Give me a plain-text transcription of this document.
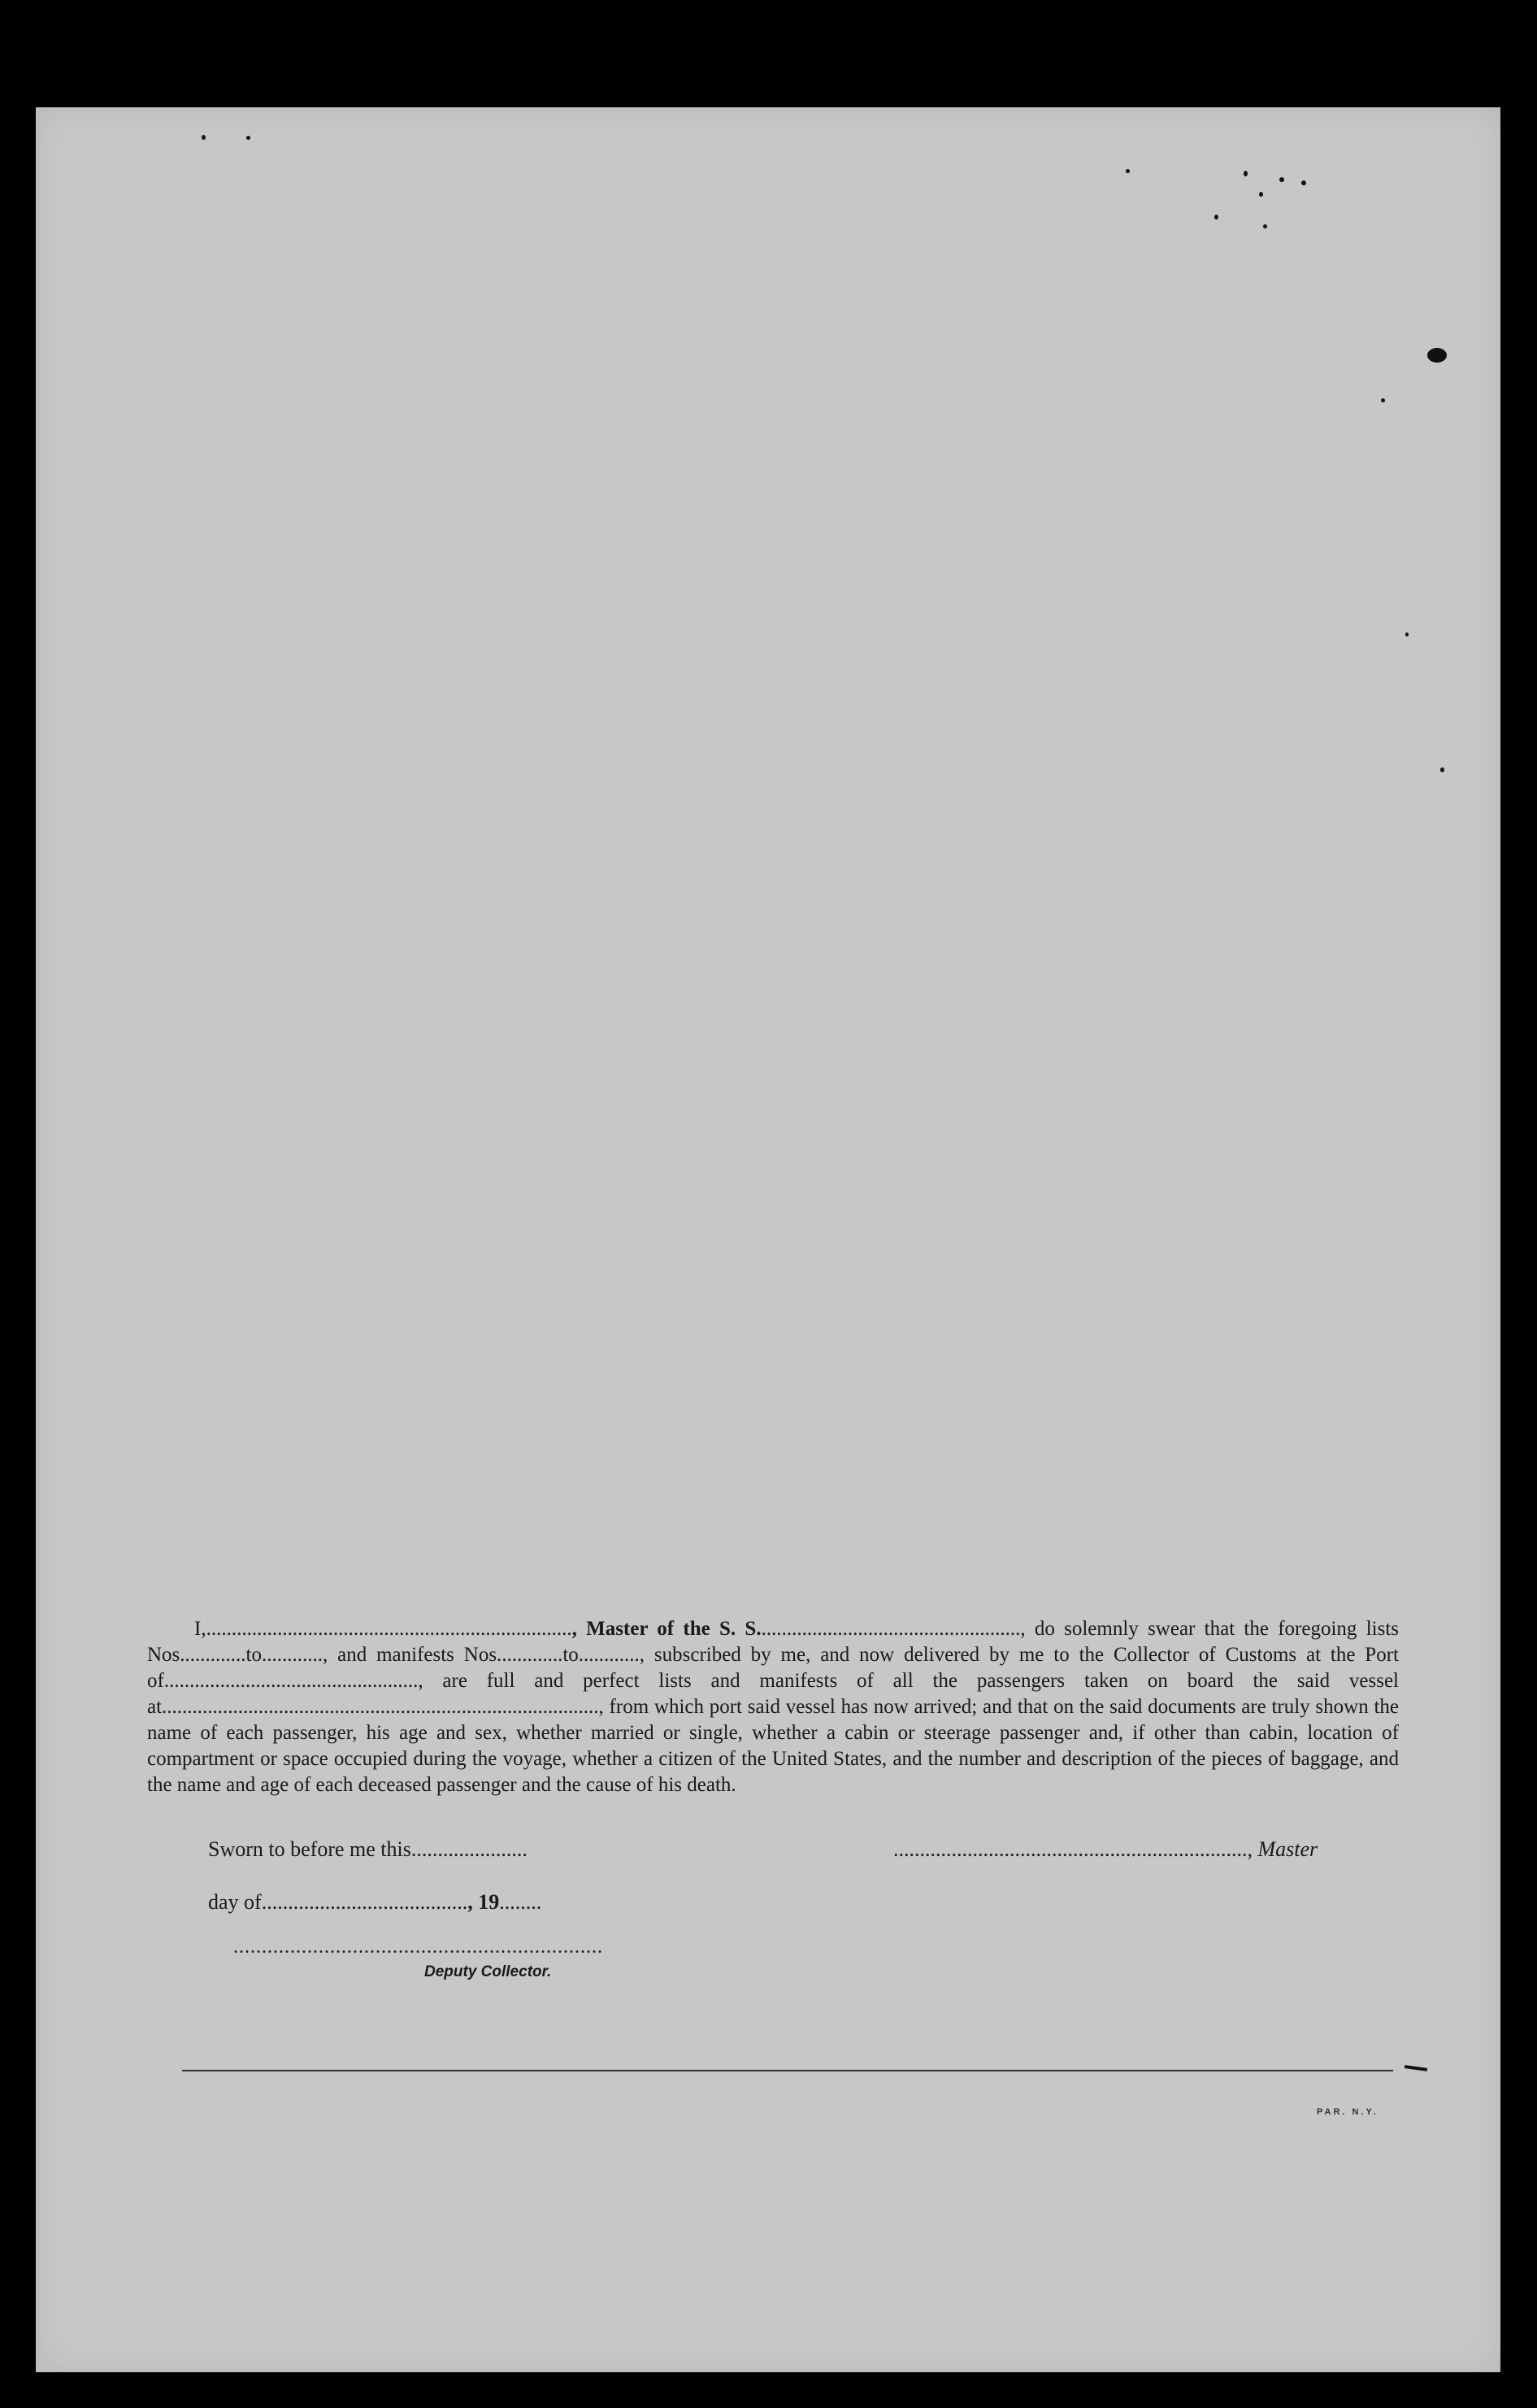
I,........................................................................, Master of the S. S...................................................., do solemnly swear that the foregoing lists Nos.............to............, and manifests Nos.............to............, subscribed by me, and now delivered by me to the Collector of Customs at the Port of.................................................., are full and perfect lists and manifests of all the passengers taken on board the said vessel at......................................................................................, from which port said vessel has now arrived; and that on the said documents are truly shown the name of each passenger, his age and sex, whether married or single, whether a cabin or steerage passenger and, if other than cabin, location of compartment or space occupied during the voyage, whether a citizen of the United States, and the number and description of the pieces of baggage, and the name and age of each deceased passenger and the cause of his death.

Sworn to before me this......................	..................................................................., Master
day of......................................., 19........
.................................................................
Deputy Collector.
PAR. N.Y.
